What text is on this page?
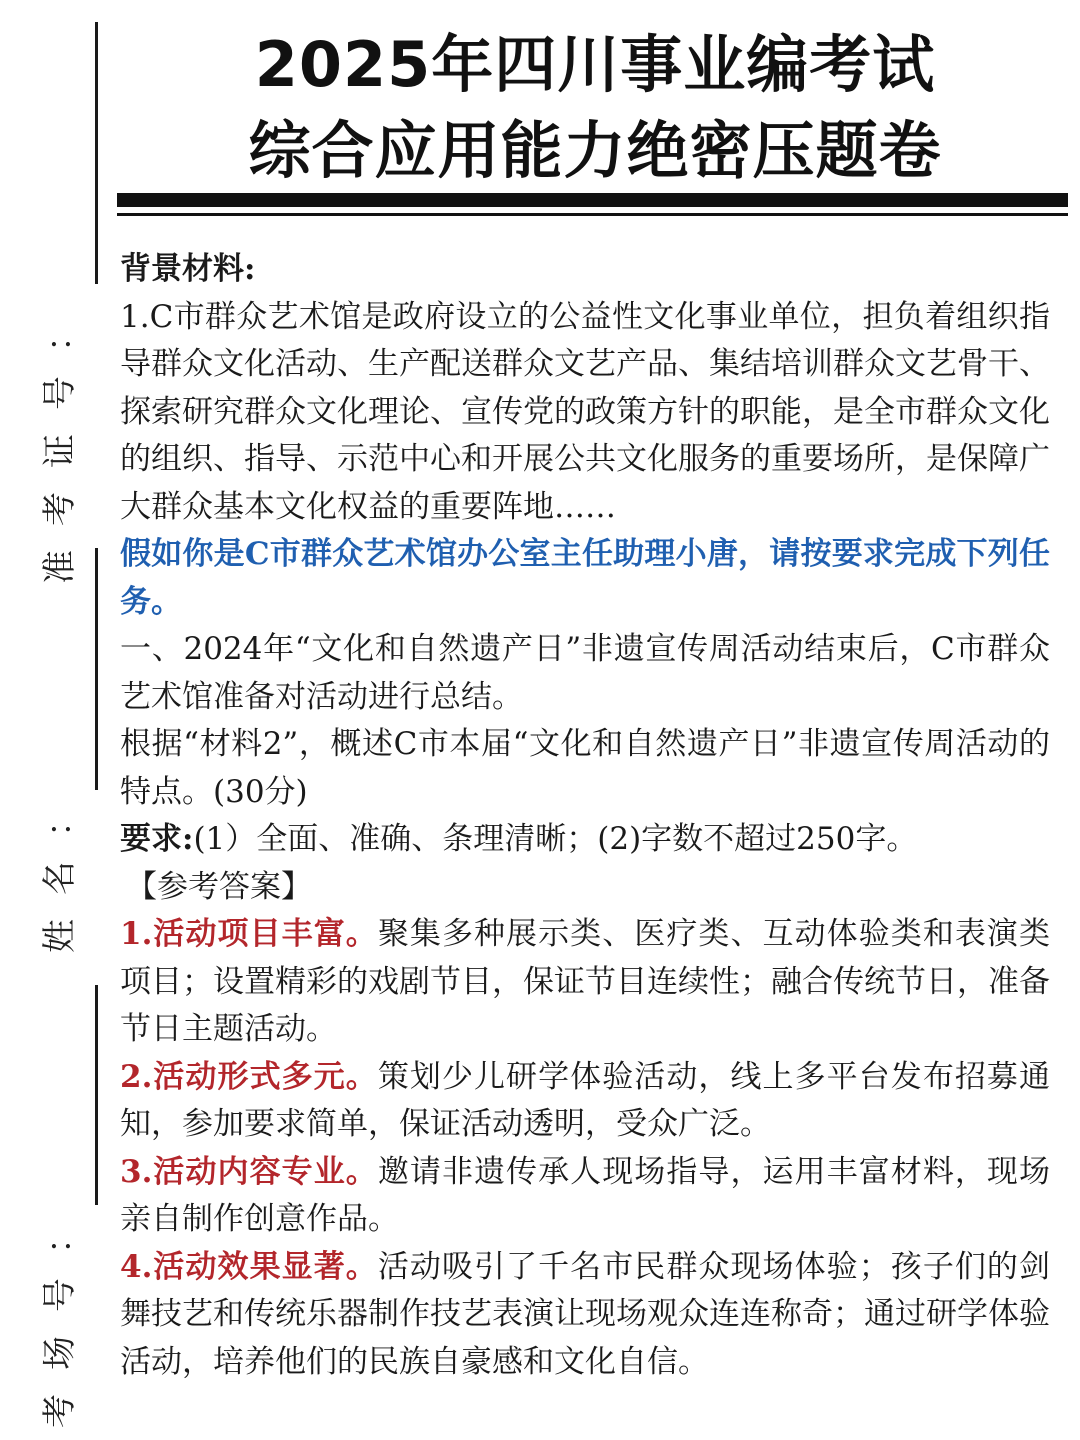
准
考
证
号
：
姓
名
：
考
场
号
：
2025年四川事业编考试
综合应用能力绝密压题卷

背景材料:

1.C市群众艺术馆是政府设立的公益性文化事业单位，担负着组织指导群众文化活动、生产配送群众文艺产品、集结培训群众文艺骨干、探索研究群众文化理论、宣传党的政策方针的职能，是全市群众文化的组织、指导、示范中心和开展公共文化服务的重要场所，是保障广大群众基本文化权益的重要阵地……

假如你是C市群众艺术馆办公室主任助理小唐，请按要求完成下列任务。

一、2024年“文化和自然遗产日”非遗宣传周活动结束后，C市群众艺术馆准备对活动进行总结。

根据“材料2”，概述C市本届“文化和自然遗产日”非遗宣传周活动的特点。(30分)

要求:(1）全面、准确、条理清晰；(2)字数不超过250字。

【参考答案】

1.活动项目丰富。聚集多种展示类、医疗类、互动体验类和表演类项目；设置精彩的戏剧节目，保证节目连续性；融合传统节日，准备节日主题活动。

2.活动形式多元。策划少儿研学体验活动，线上多平台发布招募通知，参加要求简单，保证活动透明，受众广泛。

3.活动内容专业。邀请非遗传承人现场指导，运用丰富材料，现场亲自制作创意作品。

4.活动效果显著。活动吸引了千名市民群众现场体验；孩子们的剑舞技艺和传统乐器制作技艺表演让现场观众连连称奇；通过研学体验活动，培养他们的民族自豪感和文化自信。
